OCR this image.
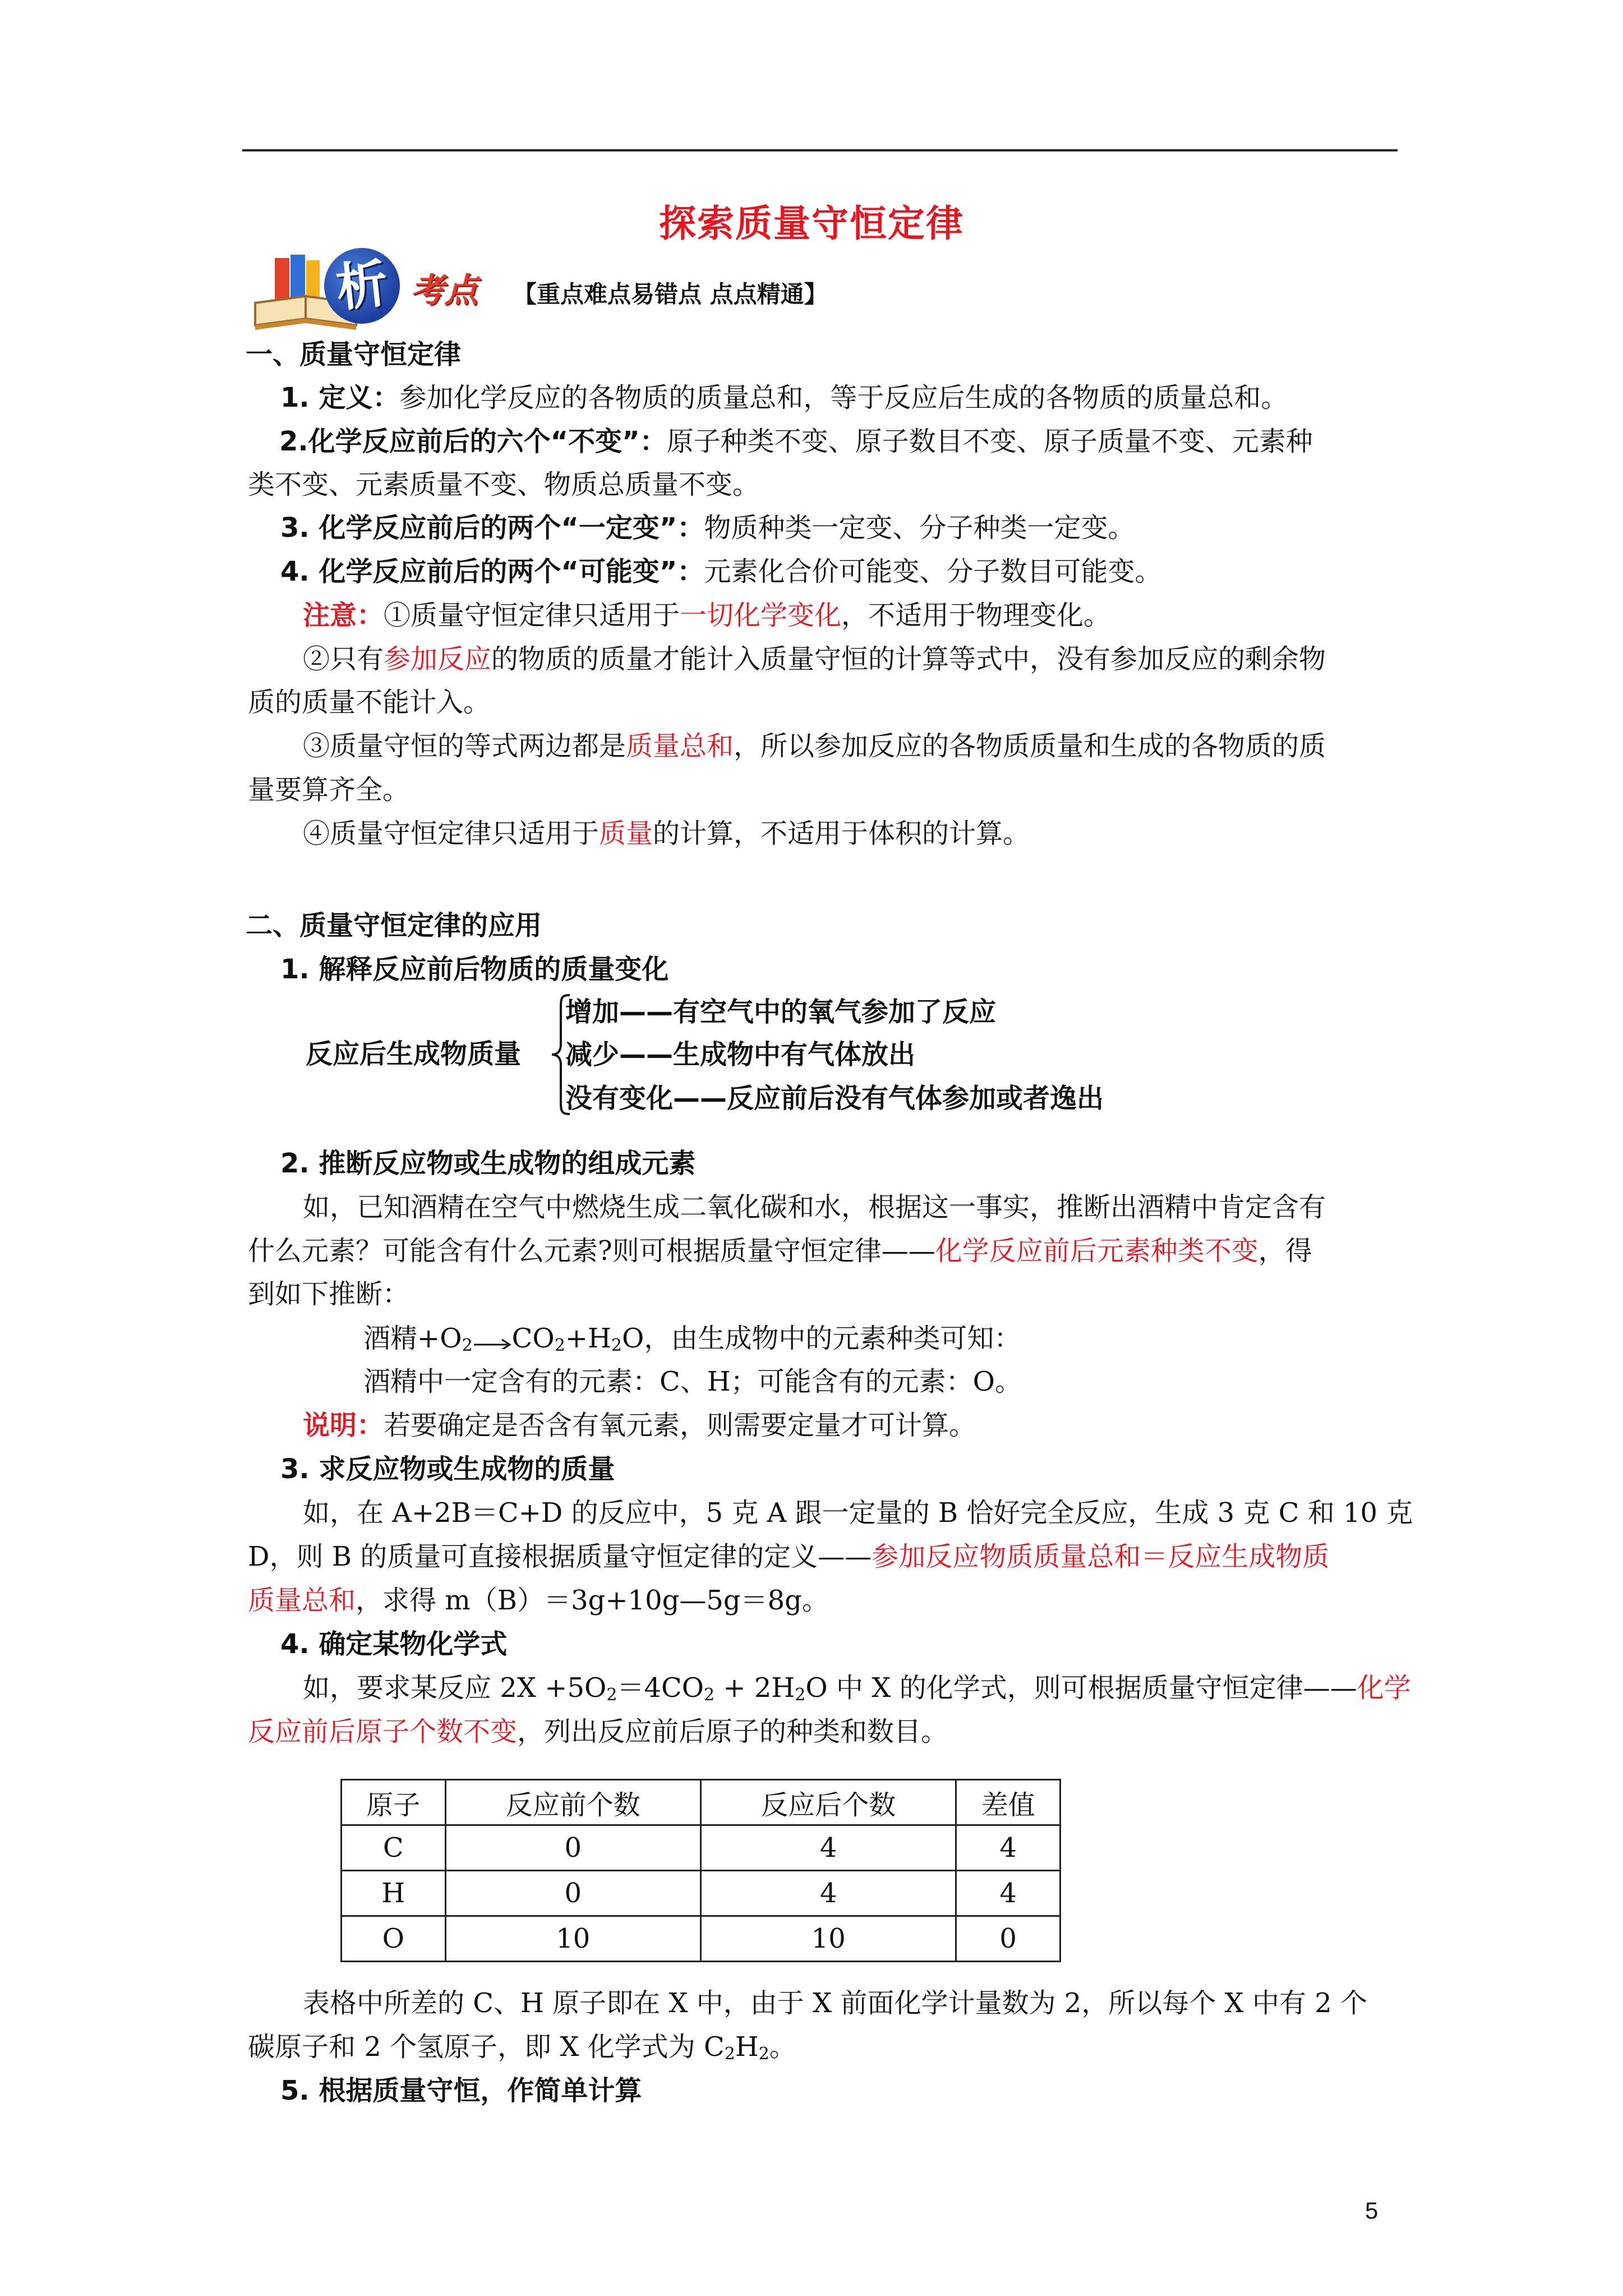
探索质量守恒定律
析 考点 【重点难点易错点 点点精通】
一、质量守恒定律
1. 定义：参加化学反应的各物质的质量总和，等于反应后生成的各物质的质量总和。
2.化学反应前后的六个“不变”：原子种类不变、原子数目不变、原子质量不变、元素种
类不变、元素质量不变、物质总质量不变。
3. 化学反应前后的两个“一定变”：物质种类一定变、分子种类一定变。
4. 化学反应前后的两个“可能变”：元素化合价可能变、分子数目可能变。
注意：①质量守恒定律只适用于一切化学变化，不适用于物理变化。
②只有参加反应的物质的质量才能计入质量守恒的计算等式中，没有参加反应的剩余物
质的质量不能计入。
③质量守恒的等式两边都是质量总和，所以参加反应的各物质质量和生成的各物质的质
量要算齐全。
④质量守恒定律只适用于质量的计算，不适用于体积的计算。
二、质量守恒定律的应用
1. 解释反应前后物质的质量变化
反应后生成物质量
增加——有空气中的氧气参加了反应
减少——生成物中有气体放出
没有变化——反应前后没有气体参加或者逸出
2. 推断反应物或生成物的组成元素
如，已知酒精在空气中燃烧生成二氧化碳和水，根据这一事实，推断出酒精中肯定含有
什么元素？可能含有什么元素?则可根据质量守恒定律——化学反应前后元素种类不变，得
到如下推断：
酒精$+O_2$ $CO_2+H_2O$，由生成物中的元素种类可知：
酒精中一定含有的元素：C、H；可能含有的元素：O。
说明：若要确定是否含有氧元素，则需要定量才可计算。
3. 求反应物或生成物的质量
如，在 A+2B＝C+D 的反应中，5 克 A 跟一定量的 B 恰好完全反应，生成 3 克 C 和 10 克
D，则 B 的质量可直接根据质量守恒定律的定义——参加反应物质质量总和＝反应生成物质
质量总和，求得 m（B）＝3g+10g—5g＝8g。
4. 确定某物化学式
如，要求某反应 $2X +5O_2=4CO_2 + 2H_2O$ 中 X 的化学式，则可根据质量守恒定律——化学
反应前后原子个数不变，列出反应前后原子的种类和数目。
原子	反应前个数	反应后个数	差值
C	0	4	4
H	0	4	4
O	10	10	0
表格中所差的 C、H 原子即在 X 中，由于 X 前面化学计量数为 2，所以每个 X 中有 2 个
碳原子和 2 个氢原子，即 X 化学式为 $C_2H_2$。
5. 根据质量守恒，作简单计算
5
